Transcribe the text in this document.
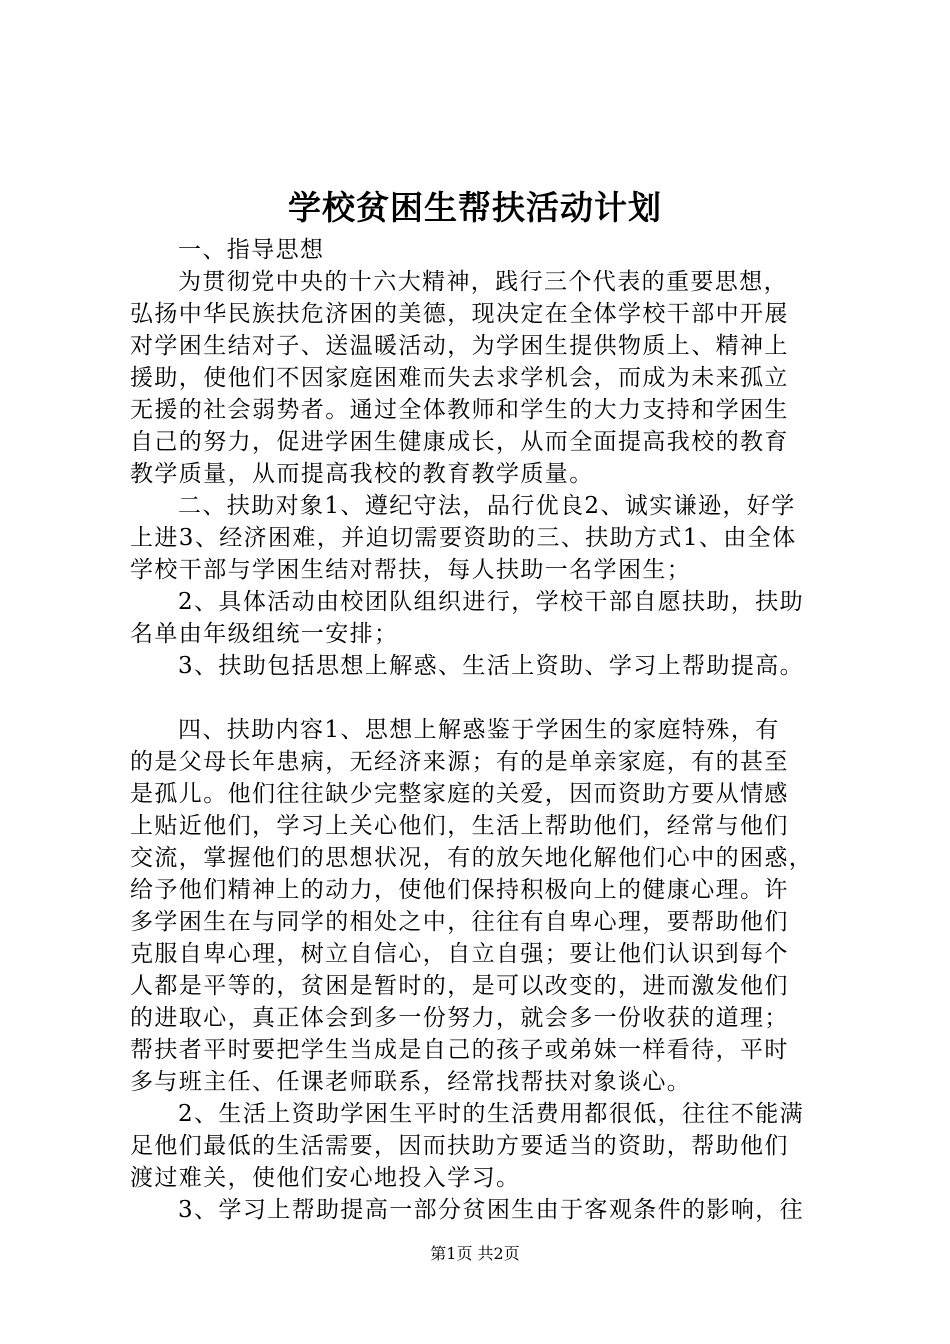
学校贫困生帮扶活动计划
一、指导思想
为贯彻党中央的十六大精神，践行三个代表的重要思想，
弘扬中华民族扶危济困的美德，现决定在全体学校干部中开展
对学困生结对子、送温暖活动，为学困生提供物质上、精神上
援助，使他们不因家庭困难而失去求学机会，而成为未来孤立
无援的社会弱势者。通过全体教师和学生的大力支持和学困生
自己的努力，促进学困生健康成长，从而全面提高我校的教育
教学质量，从而提高我校的教育教学质量。
二、扶助对象1、遵纪守法，品行优良2、诚实谦逊，好学
上进3、经济困难，并迫切需要资助的三、扶助方式1、由全体
学校干部与学困生结对帮扶，每人扶助一名学困生；
2、具体活动由校团队组织进行，学校干部自愿扶助，扶助
名单由年级组统一安排；
3、扶助包括思想上解惑、生活上资助、学习上帮助提高。
四、扶助内容1、思想上解惑鉴于学困生的家庭特殊，有
的是父母长年患病，无经济来源；有的是单亲家庭，有的甚至
是孤儿。他们往往缺少完整家庭的关爱，因而资助方要从情感
上贴近他们，学习上关心他们，生活上帮助他们，经常与他们
交流，掌握他们的思想状况，有的放矢地化解他们心中的困惑，
给予他们精神上的动力，使他们保持积极向上的健康心理。许
多学困生在与同学的相处之中，往往有自卑心理，要帮助他们
克服自卑心理，树立自信心，自立自强；要让他们认识到每个
人都是平等的，贫困是暂时的，是可以改变的，进而激发他们
的进取心，真正体会到多一份努力，就会多一份收获的道理；
帮扶者平时要把学生当成是自己的孩子或弟妹一样看待，平时
多与班主任、任课老师联系，经常找帮扶对象谈心。
2、生活上资助学困生平时的生活费用都很低，往往不能满
足他们最低的生活需要，因而扶助方要适当的资助，帮助他们
渡过难关，使他们安心地投入学习。
3、学习上帮助提高一部分贫困生由于客观条件的影响，往
第1页 共2页
